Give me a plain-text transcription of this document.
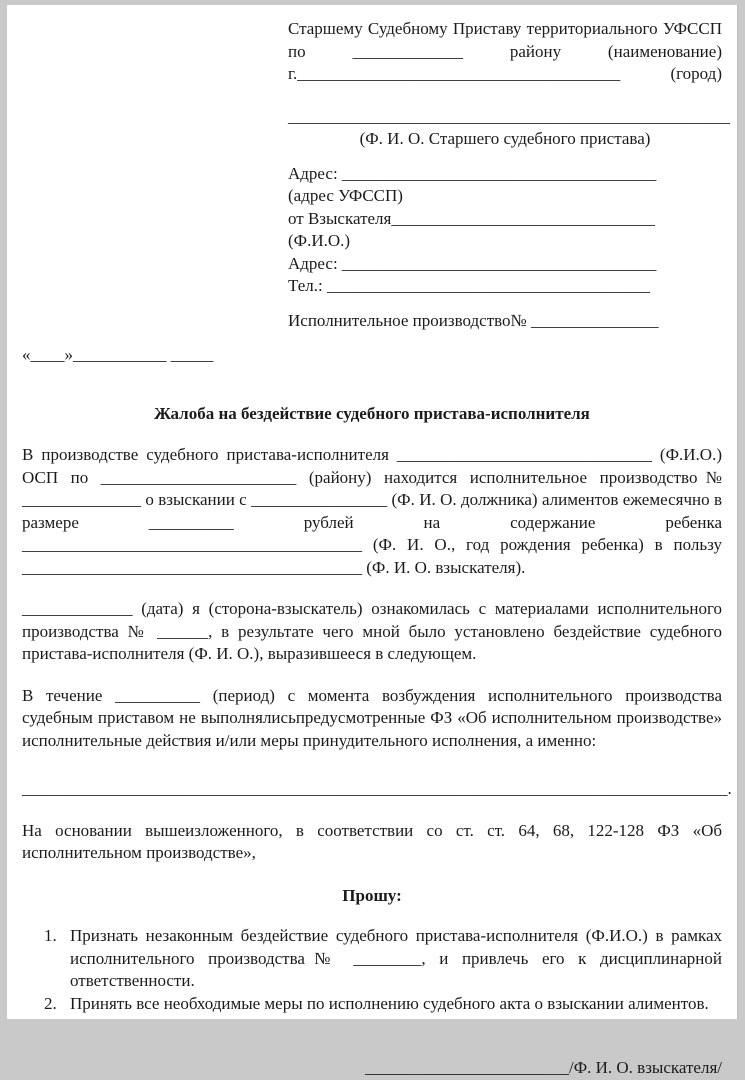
Старшему Судебному Приставу территориального УФССП по _____________ району (наименование)
г.______________________________________ (город)
____________________________________________________
(Ф. И. О. Старшего судебного пристава)
Адрес: _____________________________________
(адрес УФССП)
от Взыскателя_______________________________
(Ф.И.О.)
Адрес: _____________________________________
Тел.: ______________________________________
Исполнительное производство№ _______________
«____»___________ _____
Жалоба на бездействие судебного пристава-исполнителя
В производстве судебного пристава-исполнителя ______________________________ (Ф.И.О.) ОСП по _______________________ (району) находится исполнительное производство№ ______________ о взыскании с ________________ (Ф. И. О. должника) алиментов ежемесячно в размере __________ рублей на содержание ребенка ________________________________________ (Ф. И. О., год рождения ребенка) в пользу ________________________________________ (Ф. И. О. взыскателя).
_____________ (дата) я (сторона-взыскатель) ознакомилась с материалами исполнительного производства № ______, в результате чего мной было установлено бездействие судебного пристава-исполнителя (Ф. И. О.), выразившееся в следующем.
В течение __________ (период) с момента возбуждения исполнительного производства судебным приставом не выполнялисьпредусмотренные ФЗ «Об исполнительном производстве» исполнительные действия и/или меры принудительного исполнения, а именно:
___________________________________________________________________________________.
На основании вышеизложенного, в соответствии со ст. ст. 64, 68, 122-128 ФЗ «Об исполнительном производстве»,
Прошу:
1. Признать незаконным бездействие судебного пристава-исполнителя (Ф.И.О.) в рамках исполнительного производства№ ________, и привлечь его к дисциплинарной ответственности.
2. Принять все необходимые меры по исполнению судебного акта о взыскании алиментов.
________________________/Ф. И. О. взыскателя/
